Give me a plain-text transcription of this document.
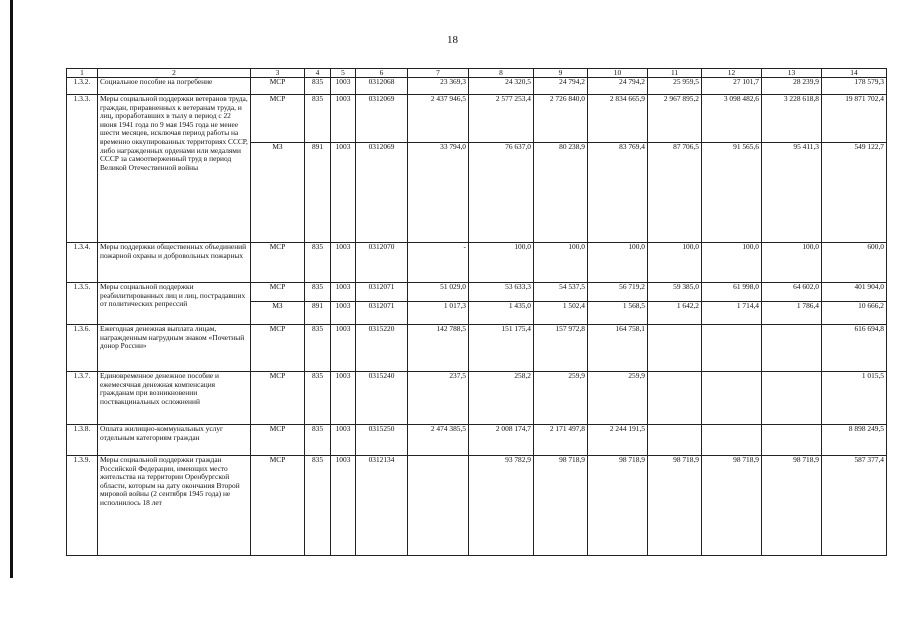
18
1	2	3	4	5	6	7	8	9	10	11	12	13	14
1.3.2.	Социальное пособие на погребение	МСР	835	1003	0312068	23 369,3	24 320,5	24 794,2	24 794,2	25 959,5	27 101,7	28 239,9	178 579,3
1.3.3.	Меры социальной поддержки ветеранов труда, граждан, приравненных к ветеранам труда, и лиц, проработавших в тылу в период с 22 июня 1941 года по 9 мая 1945 года не менее шести месяцев, исключая период работы на временно оккупированных территориях СССР, либо награжденных орденами или медалями СССР за самоотверженный труд в период Великой Отечественной войны	МСР	835	1003	0312069	2 437 946,5	2 577 253,4	2 726 840,0	2 834 665,9	2 967 895,2	3 098 482,6	3 228 618,8	19 871 702,4
		МЗ	891	1003	0312069	33 794,0	76 637,0	80 238,9	83 769,4	87 706,5	91 565,6	95 411,3	549 122,7
1.3.4.	Меры поддержки общественных объединений пожарной охраны и добровольных пожарных	МСР	835	1003	0312070	-	100,0	100,0	100,0	100,0	100,0	100,0	600,0
1.3.5.	Меры социальной поддержки реабилитированных лиц и лиц, пострадавших от политических репрессий	МСР	835	1003	0312071	51 029,0	53 633,3	54 537,5	56 719,2	59 385,0	61 998,0	64 602,0	401 904,0
		МЗ	891	1003	0312071	1 017,3	1 435,0	1 502,4	1 568,5	1 642,2	1 714,4	1 786,4	10 666,2
1.3.6.	Ежегодная денежная выплата лицам, награжденным нагрудным знаком «Почетный донор России»	МСР	835	1003	0315220	142 788,5	151 175,4	157 972,8	164 758,1				616 694,8
1.3.7.	Единовременное денежное пособие и ежемесячная денежная компенсация гражданам при возникновении поствакцинальных осложнений	МСР	835	1003	0315240	237,5	258,2	259,9	259,9				1 015,5
1.3.8.	Оплата жилищно-коммунальных услуг отдельным категориям граждан	МСР	835	1003	0315250	2 474 385,5	2 008 174,7	2 171 497,8	2 244 191,5				8 898 249,5
1.3.9.	Меры социальной поддержки граждан Российской Федерации, имеющих место жительства на территории Оренбургской области, которым на дату окончания Второй мировой войны (2 сентября 1945 года) не исполнилось 18 лет	МСР	835	1003	0312134		93 782,9	98 718,9	98 718,9	98 718,9	98 718,9	98 718,9	587 377,4
